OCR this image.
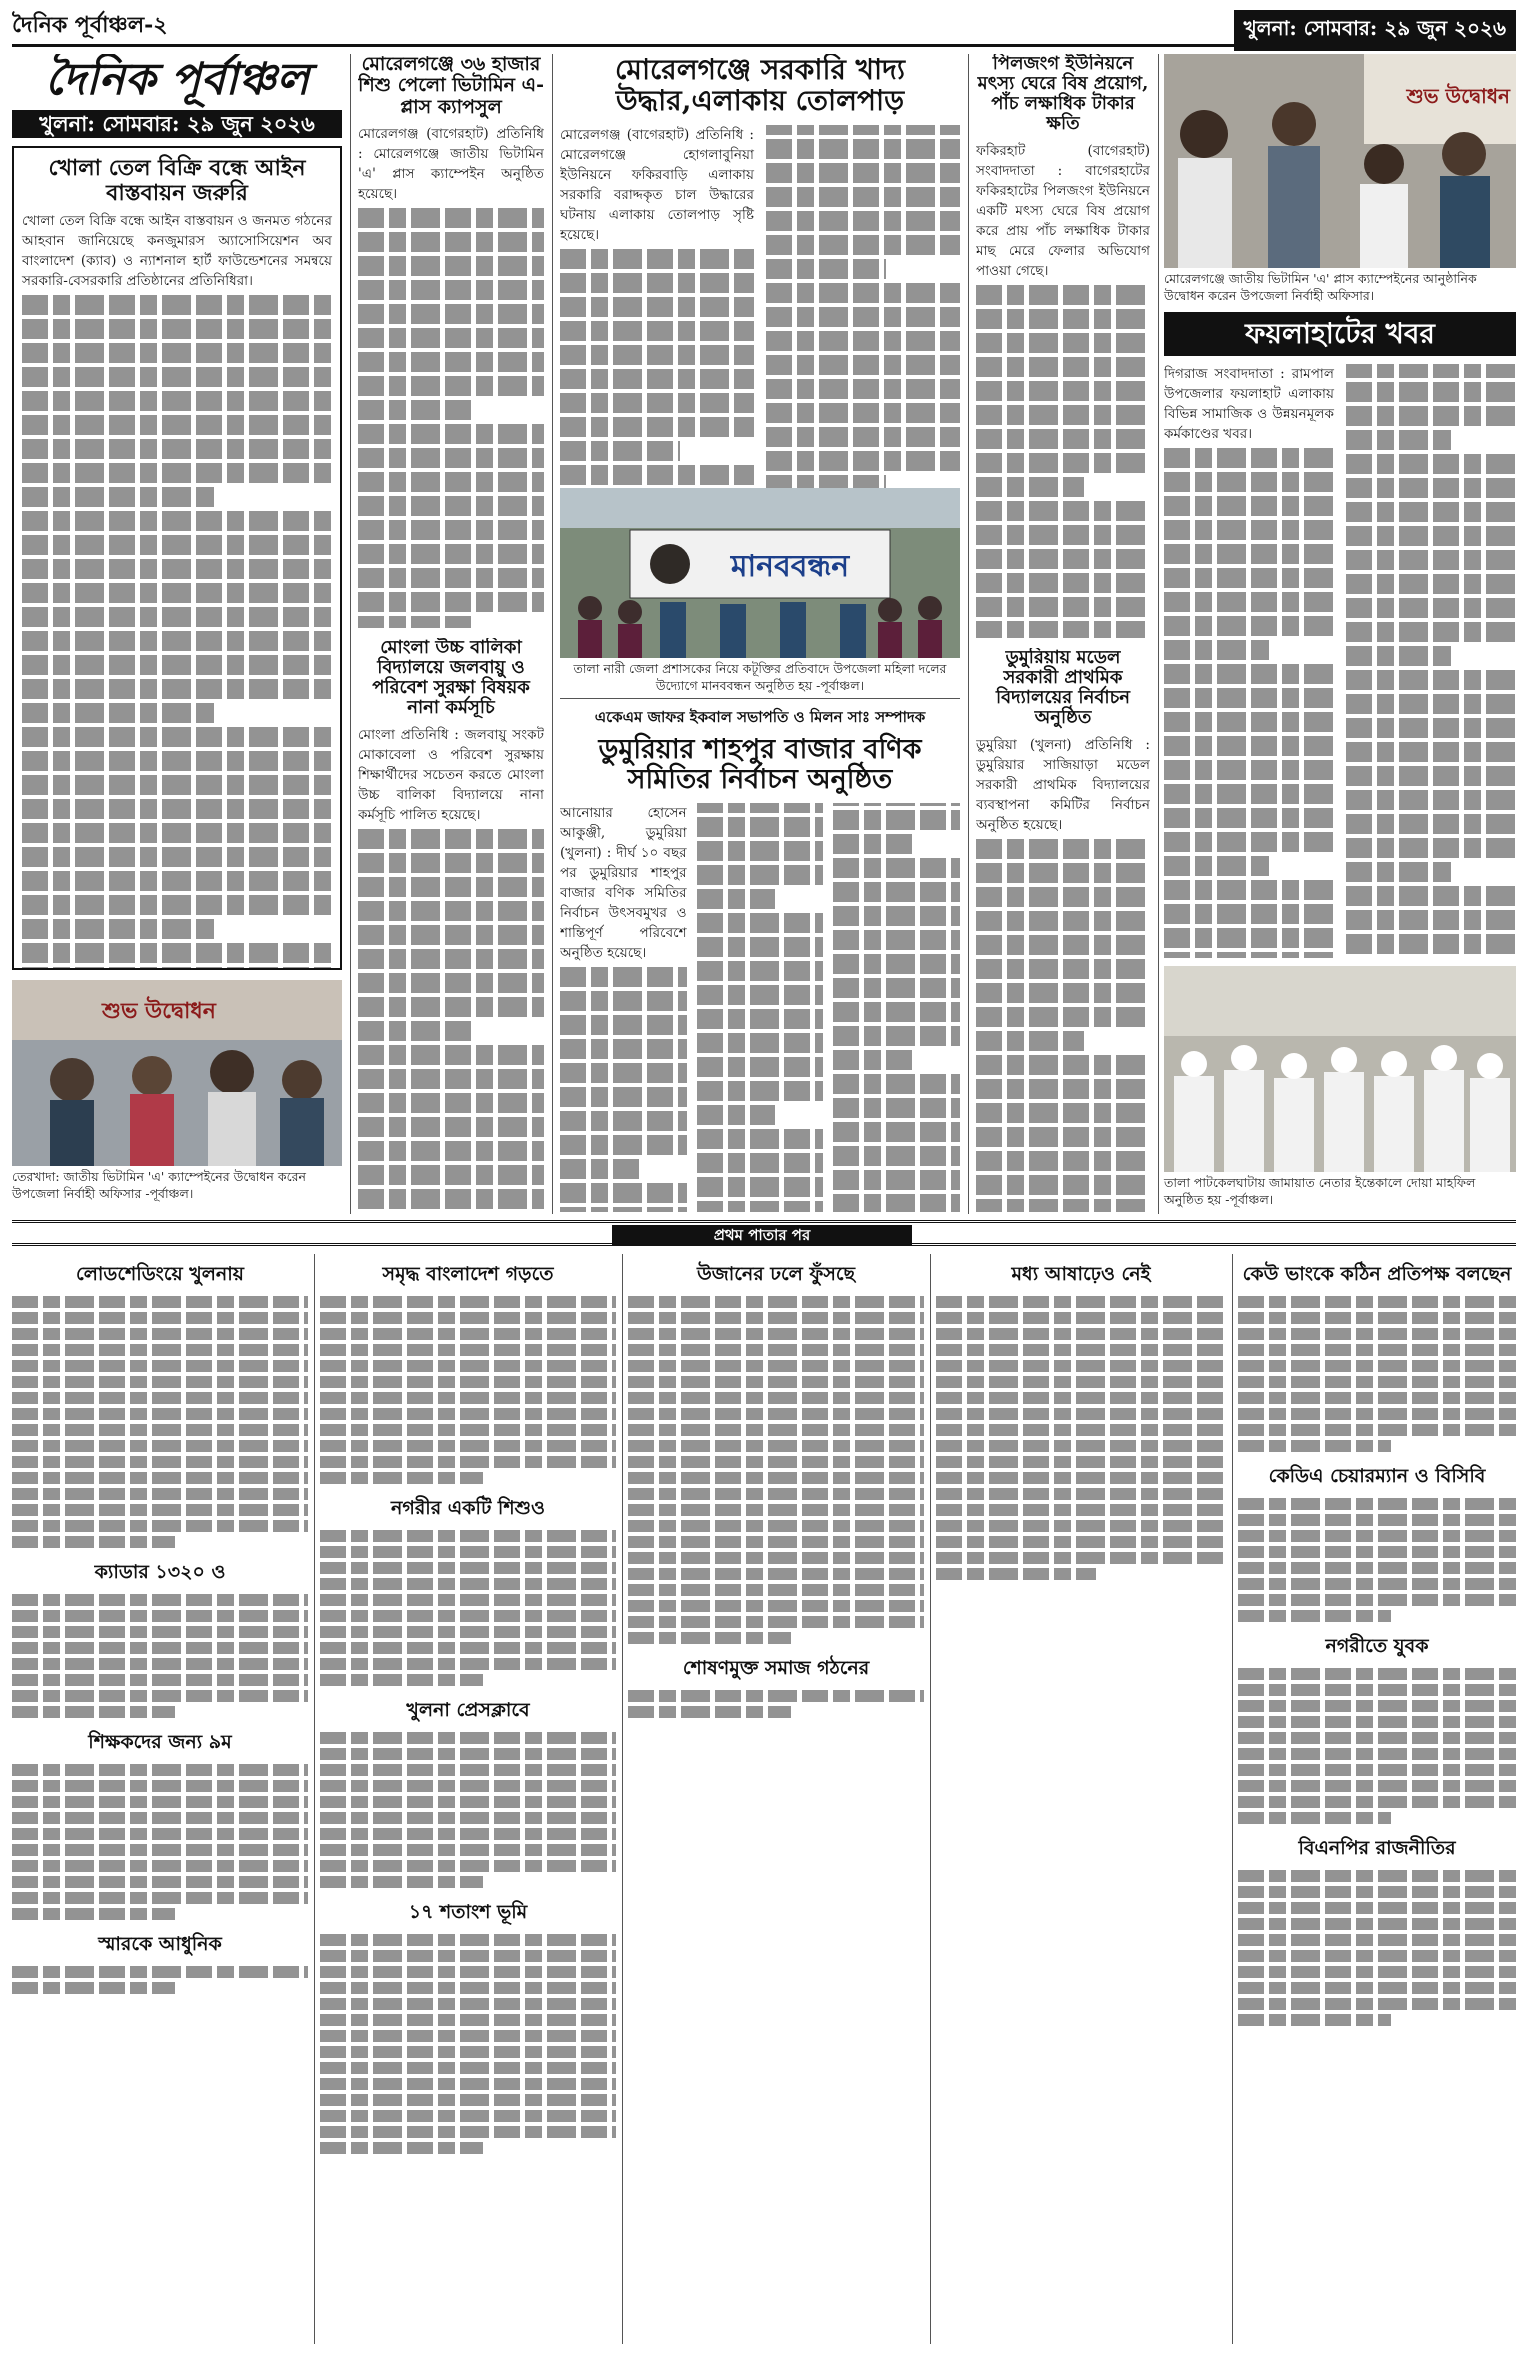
দৈনিক পূর্বাঞ্চল-২	খুলনা: সোমবার: ২৯ জুন ২০২৬
দৈনিক পূর্বাঞ্চল
খুলনা: সোমবার: ২৯ জুন ২০২৬
খোলা তেল বিক্রি বন্ধে আইন বাস্তবায়ন জরুরি
খোলা তেল বিক্রি বন্ধে আইন বাস্তবায়ন ও জনমত গঠনের আহবান জানিয়েছে কনজুমারস অ্যাসোসিয়েশন অব বাংলাদেশ (ক্যাব) ও ন্যাশনাল হার্ট ফাউন্ডেশনের সমন্বয়ে সরকারি-বেসরকারি প্রতিষ্ঠানের প্রতিনিধিরা।
শুভ উদ্বোধন
তেরখাদা: জাতীয় ভিটামিন 'এ' ক্যাম্পেইনের উদ্বোধন করেন উপজেলা নির্বাহী অফিসার -পূর্বাঞ্চল।
মোরেলগঞ্জে ৩৬ হাজার শিশু পেলো ভিটামিন এ-প্লাস ক্যাপসুল
মোরেলগঞ্জ (বাগেরহাট) প্রতিনিধি : মোরেলগঞ্জে জাতীয় ভিটামিন 'এ' প্লাস ক্যাম্পেইন অনুষ্ঠিত হয়েছে।
মোংলা উচ্চ বালিকা বিদ্যালয়ে জলবায়ু ও পরিবেশ সুরক্ষা বিষয়ক নানা কর্মসূচি
মোংলা প্রতিনিধি : জলবায়ু সংকট মোকাবেলা ও পরিবেশ সুরক্ষায় শিক্ষার্থীদের সচেতন করতে মোংলা উচ্চ বালিকা বিদ্যালয়ে নানা কর্মসূচি পালিত হয়েছে।
মোরেলগঞ্জে সরকারি খাদ্য উদ্ধার,এলাকায় তোলপাড়
মোরেলগঞ্জ (বাগেরহাট) প্রতিনিধি : মোরেলগঞ্জে হোগলাবুনিয়া ইউনিয়নে ফকিরবাড়ি এলাকায় সরকারি বরাদ্দকৃত চাল উদ্ধারের ঘটনায় এলাকায় তোলপাড় সৃষ্টি হয়েছে।
মানববন্ধন
তালা নারী জেলা প্রশাসকের নিয়ে কটূক্তির প্রতিবাদে উপজেলা মহিলা দলের উদ্যোগে মানববন্ধন অনুষ্ঠিত হয় -পূর্বাঞ্চল।
একেএম জাফর ইকবাল সভাপতি ও মিলন সাঃ সম্পাদক
ডুমুরিয়ার শাহপুর বাজার বণিক সমিতির নির্বাচন অনুষ্ঠিত
আনোয়ার হোসেন আকুঞ্জী, ডুমুরিয়া (খুলনা) : দীর্ঘ ১০ বছর পর ডুমুরিয়ার শাহপুর বাজার বণিক সমিতির নির্বাচন উৎসবমুখর ও শান্তিপূর্ণ পরিবেশে অনুষ্ঠিত হয়েছে।
পিলজংগ ইউনিয়নে মৎস্য ঘেরে বিষ প্রয়োগ, পাঁচ লক্ষাধিক টাকার ক্ষতি
ফকিরহাট (বাগেরহাট) সংবাদদাতা : বাগেরহাটের ফকিরহাটের পিলজংগ ইউনিয়নে একটি মৎস্য ঘেরে বিষ প্রয়োগ করে প্রায় পাঁচ লক্ষাধিক টাকার মাছ মেরে ফেলার অভিযোগ পাওয়া গেছে।
ডুমুরিয়ায় মডেল সরকারী প্রাথমিক বিদ্যালয়ের নির্বাচন অনুষ্ঠিত
ডুমুরিয়া (খুলনা) প্রতিনিধি : ডুমুরিয়ার সাজিয়াড়া মডেল সরকারী প্রাথমিক বিদ্যালয়ের ব্যবস্থাপনা কমিটির নির্বাচন অনুষ্ঠিত হয়েছে।
শুভ উদ্বোধন
মোরেলগঞ্জে জাতীয় ভিটামিন 'এ' প্লাস ক্যাম্পেইনের আনুষ্ঠানিক উদ্বোধন করেন উপজেলা নির্বাহী অফিসার।
ফয়লাহাটের খবর
দিগরাজ সংবাদদাতা : রামপাল উপজেলার ফয়লাহাট এলাকায় বিভিন্ন সামাজিক ও উন্নয়নমূলক কর্মকাণ্ডের খবর।
তালা পাটকেলঘাটায় জামায়াত নেতার ইন্তেকালে দোয়া মাহফিল অনুষ্ঠিত হয় -পূর্বাঞ্চল।
প্রথম পাতার পর
লোডশেডিংয়ে খুলনায়
ক্যাডার ১৩২০ ও
শিক্ষকদের জন্য ৯ম
স্মারকে আধুনিক
সমৃদ্ধ বাংলাদেশ গড়তে
নগরীর একটি শিশুও
খুলনা প্রেসক্লাবে
১৭ শতাংশ ভূমি
উজানের ঢলে ফুঁসছে
শোষণমুক্ত সমাজ গঠনের
মধ্য আষাঢ়েও নেই	কেউ ভাংকে কঠিন প্রতিপক্ষ বলছেন
কেডিএ চেয়ারম্যান ও বিসিবি
নগরীতে যুবক
বিএনপির রাজনীতির
